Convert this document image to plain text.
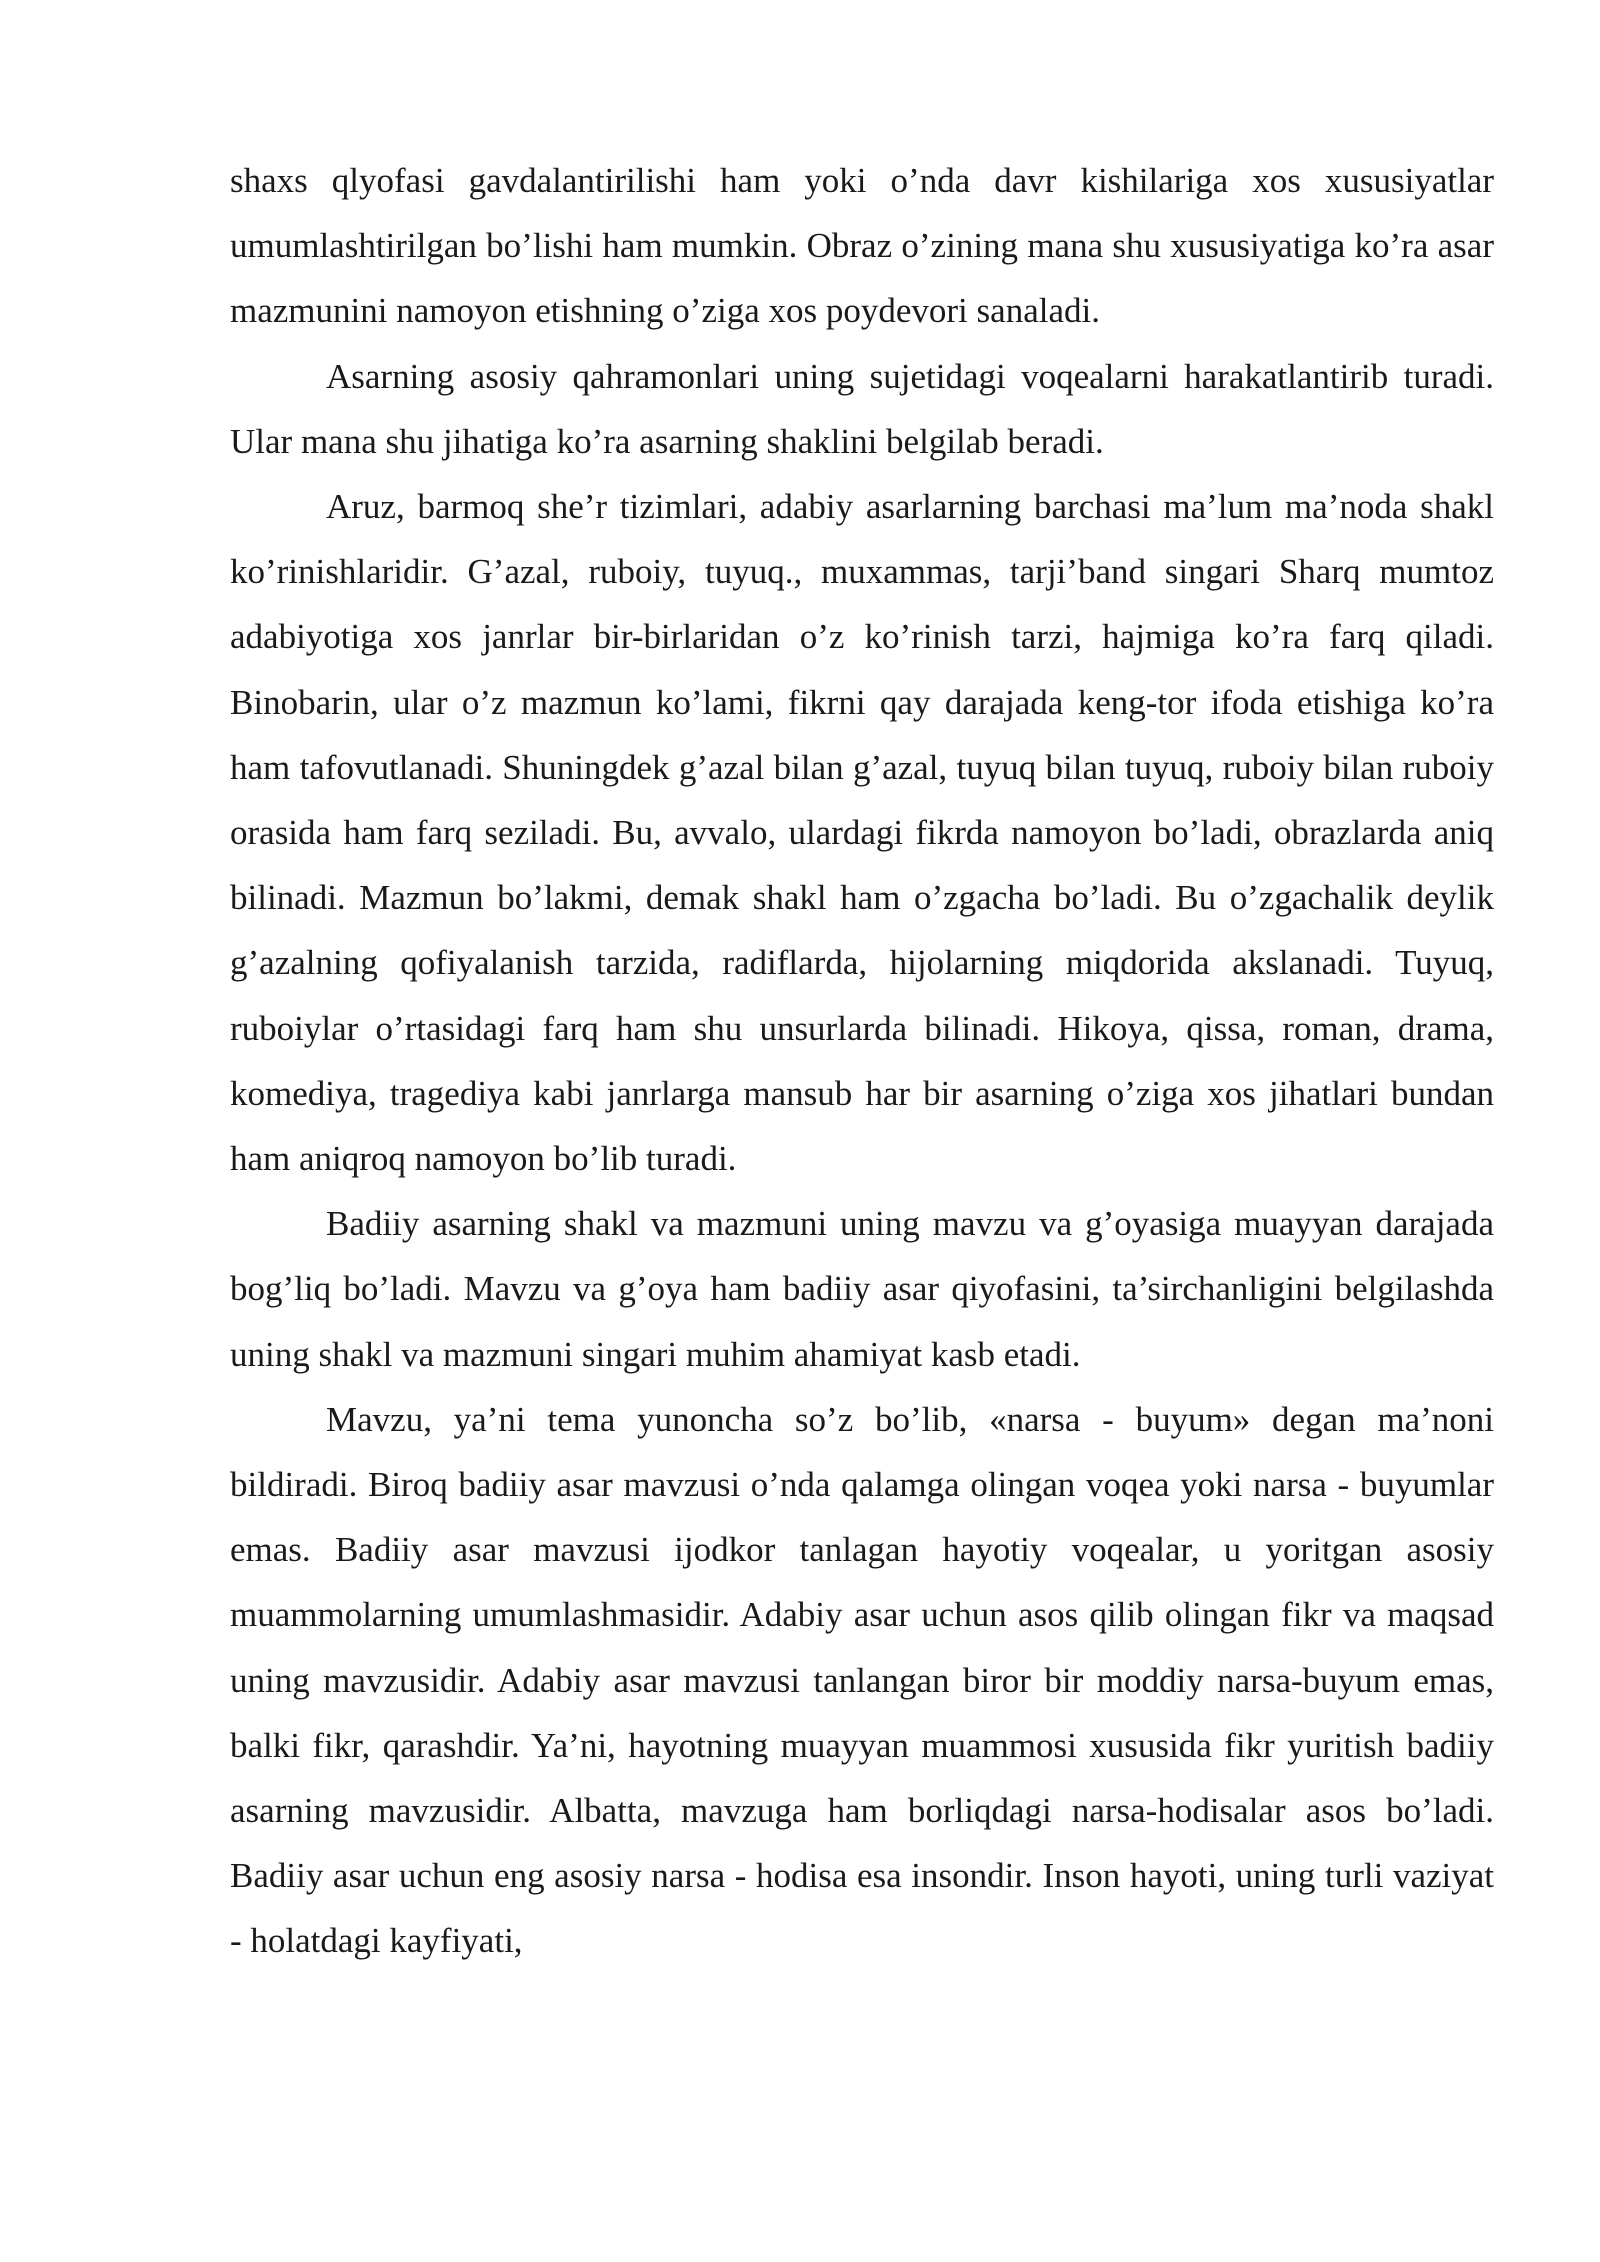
shaxs qlyofasi gavdalantirilishi ham yoki o’nda davr kishilariga xos xususiyatlar umumlashtirilgan bo’lishi ham mumkin. Obraz o’zining mana shu xususiyatiga ko’ra asar mazmunini namoyon etishning o’ziga xos poydevori sanaladi.

Asarning asosiy qahramonlari uning sujetidagi voqealarni harakatlantirib turadi. Ular mana shu jihatiga ko’ra asarning shaklini belgilab beradi.

Aruz, barmoq she’r tizimlari, adabiy asarlarning barchasi ma’lum ma’noda shakl ko’rinishlaridir. G’azal, ruboiy, tuyuq., muxammas, tarji’band singari Sharq mumtoz adabiyotiga xos janrlar bir-birlaridan o’z ko’rinish tarzi, hajmiga ko’ra farq qiladi. Binobarin, ular o’z mazmun ko’lami, fikrni qay darajada keng-tor ifoda etishiga ko’ra ham tafovutlanadi. Shuningdek g’azal bilan g’azal, tuyuq bilan tuyuq, ruboiy bilan ruboiy orasida ham farq seziladi. Bu, avvalo, ulardagi fikrda namoyon bo’ladi, obrazlarda aniq bilinadi. Mazmun bo’lakmi, demak shakl ham o’zgacha bo’ladi. Bu o’zgachalik deylik g’azalning qofiyalanish tarzida, radiflarda, hijolarning miqdorida akslanadi. Tuyuq, ruboiylar o’rtasidagi farq ham shu unsurlarda bilinadi. Hikoya, qissa, roman, drama, komediya, tragediya kabi janrlarga mansub har bir asarning o’ziga xos jihatlari bundan ham aniqroq namoyon bo’lib turadi.

Badiiy asarning shakl va mazmuni uning mavzu va g’oyasiga muayyan darajada bog’liq bo’ladi. Mavzu va g’oya ham badiiy asar qiyofasini, ta’sirchanligini belgilashda uning shakl va mazmuni singari muhim ahamiyat kasb etadi.

Mavzu, ya’ni tema yunoncha so’z bo’lib, «narsa - buyum» degan ma’noni bildiradi. Biroq badiiy asar mavzusi o’nda qalamga olingan voqea yoki narsa - buyumlar emas. Badiiy asar mavzusi ijodkor tanlagan hayotiy voqealar, u yoritgan asosiy muammolarning umumlashmasidir. Adabiy asar uchun asos qilib olingan fikr va maqsad uning mavzusidir. Adabiy asar mavzusi tanlangan biror bir moddiy narsa-buyum emas, balki fikr, qarashdir. Ya’ni, hayotning muayyan muammosi xususida fikr yuritish badiiy asarning mavzusidir. Albatta, mavzuga ham borliqdagi narsa-hodisalar asos bo’ladi. Badiiy asar uchun eng asosiy narsa - hodisa esa insondir. Inson hayoti, uning turli vaziyat - holatdagi kayfiyati,
